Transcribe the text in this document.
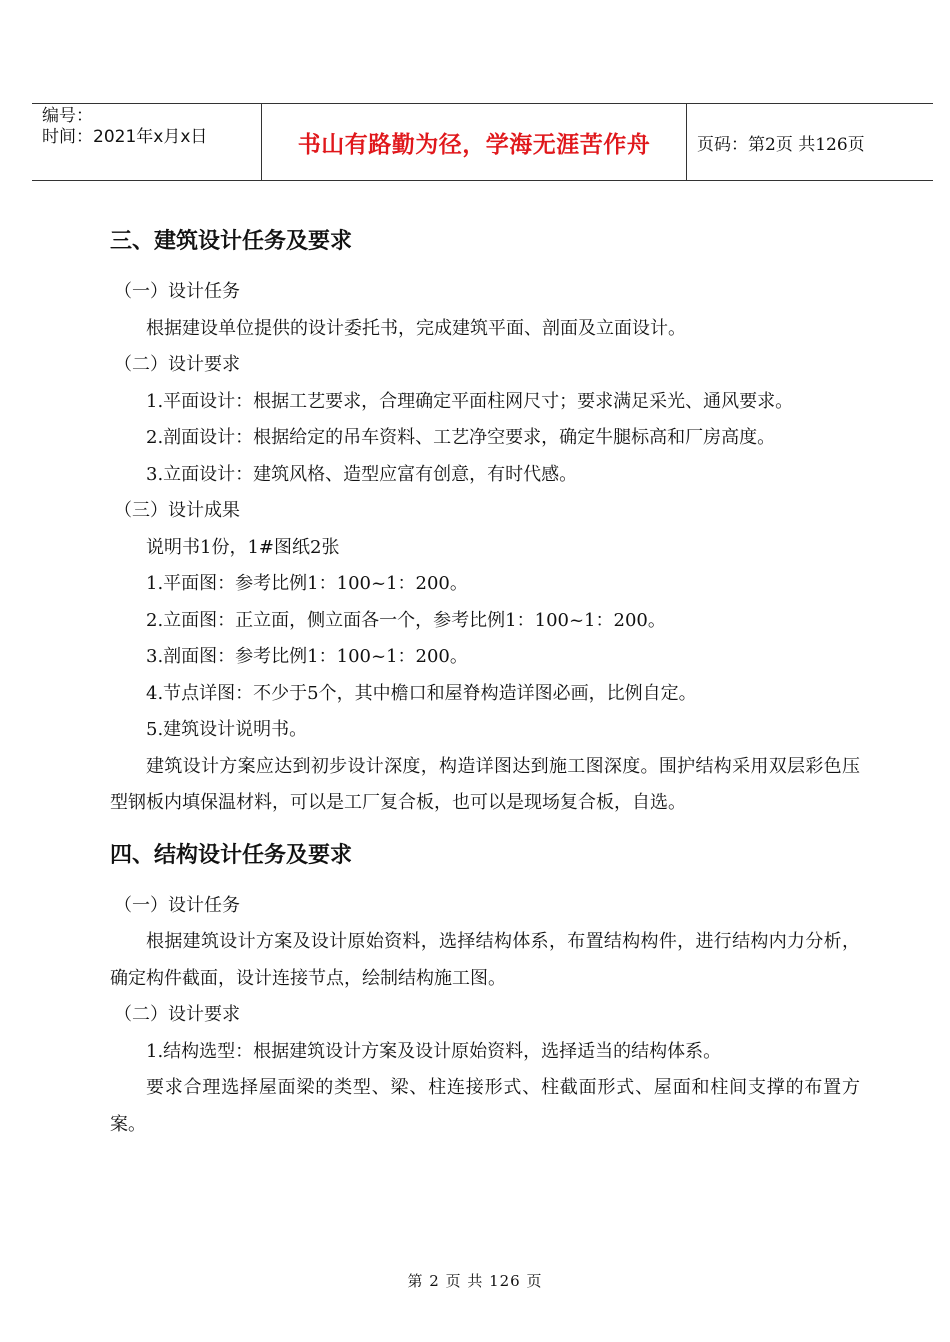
编号：
时间：2021年x月x日	书山有路勤为径，学海无涯苦作舟	页码：第2页 共126页
三、建筑设计任务及要求

（一）设计任务

根据建设单位提供的设计委托书，完成建筑平面、剖面及立面设计。

（二）设计要求

1.平面设计：根据工艺要求，合理确定平面柱网尺寸；要求满足采光、通风要求。

2.剖面设计：根据给定的吊车资料、工艺净空要求，确定牛腿标高和厂房高度。

3.立面设计：建筑风格、造型应富有创意，有时代感。

（三）设计成果

说明书1份，1#图纸2张

1.平面图：参考比例1：100~1：200。

2.立面图：正立面，侧立面各一个，参考比例1：100~1：200。

3.剖面图：参考比例1：100~1：200。

4.节点详图：不少于5个，其中檐口和屋脊构造详图必画，比例自定。

5.建筑设计说明书。

建筑设计方案应达到初步设计深度，构造详图达到施工图深度。围护结构采用双层彩色压型钢板内填保温材料，可以是工厂复合板，也可以是现场复合板，自选。

四、结构设计任务及要求

（一）设计任务

根据建筑设计方案及设计原始资料，选择结构体系，布置结构构件，进行结构内力分析，确定构件截面，设计连接节点，绘制结构施工图。

（二）设计要求

1.结构选型：根据建筑设计方案及设计原始资料，选择适当的结构体系。

要求合理选择屋面梁的类型、梁、柱连接形式、柱截面形式、屋面和柱间支撑的布置方案。

第 2 页 共 126 页
